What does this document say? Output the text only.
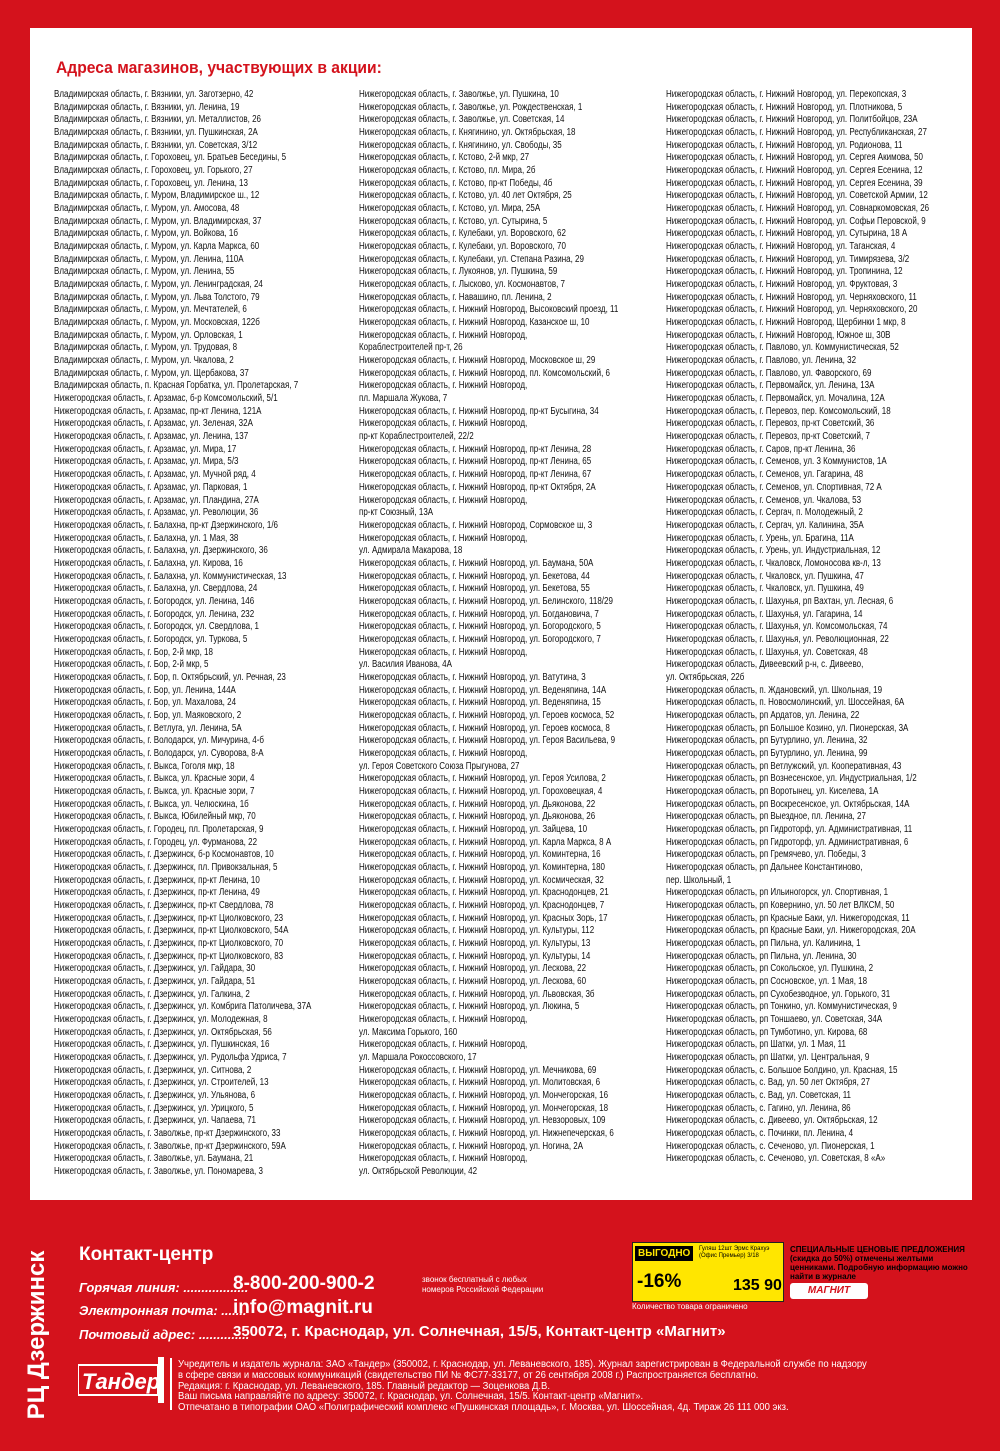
Адреса магазинов, участвующих в акции:
Владимирская область, г. Вязники, ул. Заготзерно, 42
Владимирская область, г. Вязники, ул. Ленина, 19
Владимирская область, г. Вязники, ул. Металлистов, 26
Владимирская область, г. Вязники, ул. Пушкинская, 2А
Владимирская область, г. Вязники, ул. Советская, 3/12
Владимирская область, г. Гороховец, ул. Братьев Беседины, 5
Владимирская область, г. Гороховец, ул. Горького, 27
Владимирская область, г. Гороховец, ул. Ленина, 13
Владимирская область, г. Муром, Владимирское ш., 12
Владимирская область, г. Муром, ул. Амосова, 48
Владимирская область, г. Муром, ул. Владимирская, 37
Владимирская область, г. Муром, ул. Войкова, 1б
Владимирская область, г. Муром, ул. Карла Маркса, 60
Владимирская область, г. Муром, ул. Ленина, 110А
Владимирская область, г. Муром, ул. Ленина, 55
Владимирская область, г. Муром, ул. Ленинградская, 24
Владимирская область, г. Муром, ул. Льва Толстого, 79
Владимирская область, г. Муром, ул. Мечтателей, 6
Владимирская область, г. Муром, ул. Московская, 122б
Владимирская область, г. Муром, ул. Орловская, 1
Владимирская область, г. Муром, ул. Трудовая, 8
Владимирская область, г. Муром, ул. Чкалова, 2
Владимирская область, г. Муром, ул. Щербакова, 37
Владимирская область, п. Красная Горбатка, ул. Пролетарская, 7
Нижегородская область, г. Арзамас, б-р Комсомольский, 5/1
Нижегородская область, г. Арзамас, пр-кт Ленина, 121А
Нижегородская область, г. Арзамас, ул. Зеленая, 32А
Нижегородская область, г. Арзамас, ул. Ленина, 137
Нижегородская область, г. Арзамас, ул. Мира, 17
Нижегородская область, г. Арзамас, ул. Мира, 5/3
Нижегородская область, г. Арзамас, ул. Мучной ряд, 4
Нижегородская область, г. Арзамас, ул. Парковая, 1
Нижегородская область, г. Арзамас, ул. Пландина, 27А
Нижегородская область, г. Арзамас, ул. Революции, 36
Нижегородская область, г. Балахна, пр-кт Дзержинского, 1/6
Нижегородская область, г. Балахна, ул. 1 Мая, 38
Нижегородская область, г. Балахна, ул. Дзержинского, 36
Нижегородская область, г. Балахна, ул. Кирова, 16
Нижегородская область, г. Балахна, ул. Коммунистическая, 13
Нижегородская область, г. Балахна, ул. Свердлова, 24
Нижегородская область, г. Богородск, ул. Ленина, 146
Нижегородская область, г. Богородск, ул. Ленина, 232
Нижегородская область, г. Богородск, ул. Свердлова, 1
Нижегородская область, г. Богородск, ул. Туркова, 5
Нижегородская область, г. Бор, 2-й мкр, 18
Нижегородская область, г. Бор, 2-й мкр, 5
Нижегородская область, г. Бор, п. Октябрьский, ул. Речная, 23
Нижегородская область, г. Бор, ул. Ленина, 144А
Нижегородская область, г. Бор, ул. Махалова, 24
Нижегородская область, г. Бор, ул. Маяковского, 2
Нижегородская область, г. Ветлуга, ул. Ленина, 5А
Нижегородская область, г. Володарск, ул. Мичурина, 4-б
Нижегородская область, г. Володарск, ул. Суворова, 8-А
Нижегородская область, г. Выкса, Гоголя мкр, 18
Нижегородская область, г. Выкса, ул. Красные зори, 4
Нижегородская область, г. Выкса, ул. Красные зори, 7
Нижегородская область, г. Выкса, ул. Челюскина, 1б
Нижегородская область, г. Выкса, Юбилейный мкр, 70
Нижегородская область, г. Городец, пл. Пролетарская, 9
Нижегородская область, г. Городец, ул. Фурманова, 22
Нижегородская область, г. Дзержинск, б-р Космонавтов, 10
Нижегородская область, г. Дзержинск, пл. Привокзальная, 5
Нижегородская область, г. Дзержинск, пр-кт Ленина, 10
Нижегородская область, г. Дзержинск, пр-кт Ленина, 49
Нижегородская область, г. Дзержинск, пр-кт Свердлова, 78
Нижегородская область, г. Дзержинск, пр-кт Циолковского, 23
Нижегородская область, г. Дзержинск, пр-кт Циолковского, 54А
Нижегородская область, г. Дзержинск, пр-кт Циолковского, 70
Нижегородская область, г. Дзержинск, пр-кт Циолковского, 83
Нижегородская область, г. Дзержинск, ул. Гайдара, 30
Нижегородская область, г. Дзержинск, ул. Гайдара, 51
Нижегородская область, г. Дзержинск, ул. Галкина, 2
Нижегородская область, г. Дзержинск, ул. Комбрига Патоличева, 37А
Нижегородская область, г. Дзержинск, ул. Молодежная, 8
Нижегородская область, г. Дзержинск, ул. Октябрьская, 56
Нижегородская область, г. Дзержинск, ул. Пушкинская, 16
Нижегородская область, г. Дзержинск, ул. Рудольфа Удриса, 7
Нижегородская область, г. Дзержинск, ул. Ситнова, 2
Нижегородская область, г. Дзержинск, ул. Строителей, 13
Нижегородская область, г. Дзержинск, ул. Ульянова, 6
Нижегородская область, г. Дзержинск, ул. Урицкого, 5
Нижегородская область, г. Дзержинск, ул. Чапаева, 71
Нижегородская область, г. Заволжье, пр-кт Дзержинского, 33
Нижегородская область, г. Заволжье, пр-кт Дзержинского, 59А
Нижегородская область, г. Заволжье, ул. Баумана, 21
Нижегородская область, г. Заволжье, ул. Пономарева, 3
Нижегородская область, г. Заволжье, ул. Пушкина, 10
Нижегородская область, г. Заволжье, ул. Рождественская, 1
Нижегородская область, г. Заволжье, ул. Советская, 14
Нижегородская область, г. Княгинино, ул. Октябрьская, 18
Нижегородская область, г. Княгинино, ул. Свободы, 35
Нижегородская область, г. Кстово, 2-й мкр, 27
Нижегородская область, г. Кстово, пл. Мира, 2б
Нижегородская область, г. Кстово, пр-кт Победы, 4б
Нижегородская область, г. Кстово, ул. 40 лет Октября, 25
Нижегородская область, г. Кстово, ул. Мира, 25А
Нижегородская область, г. Кстово, ул. Сутырина, 5
Нижегородская область, г. Кулебаки, ул. Воровского, 62
Нижегородская область, г. Кулебаки, ул. Воровского, 70
Нижегородская область, г. Кулебаки, ул. Степана Разина, 29
Нижегородская область, г. Лукоянов, ул. Пушкина, 59
Нижегородская область, г. Лысково, ул. Космонавтов, 7
Нижегородская область, г. Навашино, пл. Ленина, 2
Нижегородская область, г. Нижний Новгород, Высоковский проезд, 11
Нижегородская область, г. Нижний Новгород, Казанское ш, 10
Нижегородская область, г. Нижний Новгород,
Кораблестроителей пр-т, 26
Нижегородская область, г. Нижний Новгород, Московское ш, 29
Нижегородская область, г. Нижний Новгород, пл. Комсомольский, 6
Нижегородская область, г. Нижний Новгород,
пл. Маршала Жукова, 7
Нижегородская область, г. Нижний Новгород, пр-кт Бусыгина, 34
Нижегородская область, г. Нижний Новгород,
пр-кт Кораблестроителей, 22/2
Нижегородская область, г. Нижний Новгород, пр-кт Ленина, 28
Нижегородская область, г. Нижний Новгород, пр-кт Ленина, 65
Нижегородская область, г. Нижний Новгород, пр-кт Ленина, 67
Нижегородская область, г. Нижний Новгород, пр-кт Октября, 2А
Нижегородская область, г. Нижний Новгород,
пр-кт Союзный, 13А
Нижегородская область, г. Нижний Новгород, Сормовское ш, 3
Нижегородская область, г. Нижний Новгород,
ул. Адмирала Макарова, 18
Нижегородская область, г. Нижний Новгород, ул. Баумана, 50А
Нижегородская область, г. Нижний Новгород, ул. Бекетова, 44
Нижегородская область, г. Нижний Новгород, ул. Бекетова, 55
Нижегородская область, г. Нижний Новгород, ул. Белинского, 118/29
Нижегородская область, г. Нижний Новгород, ул. Богдановича, 7
Нижегородская область, г. Нижний Новгород, ул. Богородского, 5
Нижегородская область, г. Нижний Новгород, ул. Богородского, 7
Нижегородская область, г. Нижний Новгород,
ул. Василия Иванова, 4А
Нижегородская область, г. Нижний Новгород, ул. Ватутина, 3
Нижегородская область, г. Нижний Новгород, ул. Веденяпина, 14А
Нижегородская область, г. Нижний Новгород, ул. Веденяпина, 15
Нижегородская область, г. Нижний Новгород, ул. Героев космоса, 52
Нижегородская область, г. Нижний Новгород, ул. Героев космоса, 8
Нижегородская область, г. Нижний Новгород, ул. Героя Васильева, 9
Нижегородская область, г. Нижний Новгород,
ул. Героя Советского Союза Прыгунова, 27
Нижегородская область, г. Нижний Новгород, ул. Героя Усилова, 2
Нижегородская область, г. Нижний Новгород, ул. Гороховецкая, 4
Нижегородская область, г. Нижний Новгород, ул. Дьяконова, 22
Нижегородская область, г. Нижний Новгород, ул. Дьяконова, 26
Нижегородская область, г. Нижний Новгород, ул. Зайцева, 10
Нижегородская область, г. Нижний Новгород, ул. Карла Маркса, 8 А
Нижегородская область, г. Нижний Новгород, ул. Коминтерна, 16
Нижегородская область, г. Нижний Новгород, ул. Коминтерна, 180
Нижегородская область, г. Нижний Новгород, ул. Космическая, 32
Нижегородская область, г. Нижний Новгород, ул. Краснодонцев, 21
Нижегородская область, г. Нижний Новгород, ул. Краснодонцев, 7
Нижегородская область, г. Нижний Новгород, ул. Красных Зорь, 17
Нижегородская область, г. Нижний Новгород, ул. Культуры, 112
Нижегородская область, г. Нижний Новгород, ул. Культуры, 13
Нижегородская область, г. Нижний Новгород, ул. Культуры, 14
Нижегородская область, г. Нижний Новгород, ул. Лескова, 22
Нижегородская область, г. Нижний Новгород, ул. Лескова, 60
Нижегородская область, г. Нижний Новгород, ул. Львовская, 3б
Нижегородская область, г. Нижний Новгород, ул. Люкина, 5
Нижегородская область, г. Нижний Новгород,
ул. Максима Горького, 160
Нижегородская область, г. Нижний Новгород,
ул. Маршала Рокоссовского, 17
Нижегородская область, г. Нижний Новгород, ул. Мечникова, 69
Нижегородская область, г. Нижний Новгород, ул. Молитовская, 6
Нижегородская область, г. Нижний Новгород, ул. Мончегорская, 16
Нижегородская область, г. Нижний Новгород, ул. Мончегорская, 18
Нижегородская область, г. Нижний Новгород, ул. Невзоровых, 109
Нижегородская область, г. Нижний Новгород, ул. Нижнепечерская, 6
Нижегородская область, г. Нижний Новгород, ул. Ногина, 2А
Нижегородская область, г. Нижний Новгород,
ул. Октябрьской Революции, 42
Нижегородская область, г. Нижний Новгород, ул. Перекопская, 3
Нижегородская область, г. Нижний Новгород, ул. Плотникова, 5
Нижегородская область, г. Нижний Новгород, ул. Политбойцов, 23А
Нижегородская область, г. Нижний Новгород, ул. Республиканская, 27
Нижегородская область, г. Нижний Новгород, ул. Родионова, 11
Нижегородская область, г. Нижний Новгород, ул. Сергея Акимова, 50
Нижегородская область, г. Нижний Новгород, ул. Сергея Есенина, 12
Нижегородская область, г. Нижний Новгород, ул. Сергея Есенина, 39
Нижегородская область, г. Нижний Новгород, ул. Советской Армии, 12
Нижегородская область, г. Нижний Новгород, ул. Совнаркомовская, 26
Нижегородская область, г. Нижний Новгород, ул. Софьи Перовской, 9
Нижегородская область, г. Нижний Новгород, ул. Сутырина, 18 А
Нижегородская область, г. Нижний Новгород, ул. Таганская, 4
Нижегородская область, г. Нижний Новгород, ул. Тимирязева, 3/2
Нижегородская область, г. Нижний Новгород, ул. Тропинина, 12
Нижегородская область, г. Нижний Новгород, ул. Фруктовая, 3
Нижегородская область, г. Нижний Новгород, ул. Черняховского, 11
Нижегородская область, г. Нижний Новгород, ул. Черняховского, 20
Нижегородская область, г. Нижний Новгород, Щербинки 1 мкр, 8
Нижегородская область, г. Нижний Новгород, Южное ш, 30В
Нижегородская область, г. Павлово, ул. Коммунистическая, 52
Нижегородская область, г. Павлово, ул. Ленина, 32
Нижегородская область, г. Павлово, ул. Фаворского, 69
Нижегородская область, г. Первомайск, ул. Ленина, 13А
Нижегородская область, г. Первомайск, ул. Мочалина, 12А
Нижегородская область, г. Перевоз, пер. Комсомольский, 18
Нижегородская область, г. Перевоз, пр-кт Советский, 36
Нижегородская область, г. Перевоз, пр-кт Советский, 7
Нижегородская область, г. Саров, пр-кт Ленина, 36
Нижегородская область, г. Семенов, ул. 3 Коммунистов, 1А
Нижегородская область, г. Семенов, ул. Гагарина, 48
Нижегородская область, г. Семенов, ул. Спортивная, 72 А
Нижегородская область, г. Семенов, ул. Чкалова, 53
Нижегородская область, г. Сергач, п. Молодежный, 2
Нижегородская область, г. Сергач, ул. Калинина, 35А
Нижегородская область, г. Урень, ул. Брагина, 11А
Нижегородская область, г. Урень, ул. Индустриальная, 12
Нижегородская область, г. Чкаловск, Ломоносова кв-л, 13
Нижегородская область, г. Чкаловск, ул. Пушкина, 47
Нижегородская область, г. Чкаловск, ул. Пушкина, 49
Нижегородская область, г. Шахунья, рп Вахтан, ул. Лесная, 6
Нижегородская область, г. Шахунья, ул. Гагарина, 14
Нижегородская область, г. Шахунья, ул. Комсомольская, 74
Нижегородская область, г. Шахунья, ул. Революционная, 22
Нижегородская область, г. Шахунья, ул. Советская, 48
Нижегородская область, Дивеевский р-н, с. Дивеево,
ул. Октябрьская, 22б
Нижегородская область, п. Ждановский, ул. Школьная, 19
Нижегородская область, п. Новосмолинский, ул. Шоссейная, 6А
Нижегородская область, рп Ардатов, ул. Ленина, 22
Нижегородская область, рп Большое Козино, ул. Пионерская, 3А
Нижегородская область, рп Бутурлино, ул. Ленина, 32
Нижегородская область, рп Бутурлино, ул. Ленина, 99
Нижегородская область, рп Ветлужский, ул. Кооперативная, 43
Нижегородская область, рп Вознесенское, ул. Индустриальная, 1/2
Нижегородская область, рп Воротынец, ул. Киселева, 1А
Нижегородская область, рп Воскресенское, ул. Октябрьская, 14А
Нижегородская область, рп Выездное, пл. Ленина, 27
Нижегородская область, рп Гидроторф, ул. Административная, 11
Нижегородская область, рп Гидроторф, ул. Административная, 6
Нижегородская область, рп Гремячево, ул. Победы, 3
Нижегородская область, рп Дальнее Константиново,
пер. Школьный, 1
Нижегородская область, рп Ильиногорск, ул. Спортивная, 1
Нижегородская область, рп Ковернино, ул. 50 лет ВЛКСМ, 50
Нижегородская область, рп Красные Баки, ул. Нижегородская, 11
Нижегородская область, рп Красные Баки, ул. Нижегородская, 20А
Нижегородская область, рп Пильна, ул. Калинина, 1
Нижегородская область, рп Пильна, ул. Ленина, 30
Нижегородская область, рп Сокольское, ул. Пушкина, 2
Нижегородская область, рп Сосновское, ул. 1 Мая, 18
Нижегородская область, рп Сухобезводное, ул. Горького, 31
Нижегородская область, рп Тонкино, ул. Коммунистическая, 9
Нижегородская область, рп Тоншаево, ул. Советская, 34А
Нижегородская область, рп Тумботино, ул. Кирова, 68
Нижегородская область, рп Шатки, ул. 1 Мая, 11
Нижегородская область, рп Шатки, ул. Центральная, 9
Нижегородская область, с. Большое Болдино, ул. Красная, 15
Нижегородская область, с. Вад, ул. 50 лет Октября, 27
Нижегородская область, с. Вад, ул. Советская, 11
Нижегородская область, с. Гагино, ул. Ленина, 86
Нижегородская область, с. Дивеево, ул. Октябрьская, 12
Нижегородская область, с. Починки, пл. Ленина, 4
Нижегородская область, с. Сеченово, ул. Пионерская, 1
Нижегородская область, с. Сеченово, ул. Советская, 8 «А»
РЦ Дзержинск Контакт-центр
Горячая линия: ..................
8-800-200-900-2	звонок бесплатный с любых номеров Российской Федерации
Электронная почта: .......
info@magnit.ru
Почтовый адрес: ..............
350072, г. Краснодар, ул. Солнечная, 15/5, Контакт-центр «Магнит»
ВЫГОДНО
-16%
Гуляш 12шт Эрмс Крахуэ (Офис Премьер) 3/18
135 90
Количество товара ограничено
СПЕЦИАЛЬНЫЕ ЦЕНОВЫЕ ПРЕДЛОЖЕНИЯ (скидка до 50%) отмечены желтыми ценниками. Подробную информацию можно найти в журнале
МАГНИТ
Тандер
Учредитель и издатель журнала: ЗАО «Тандер» (350002, г. Краснодар, ул. Леваневского, 185). Журнал зарегистрирован в Федеральной службе по надзору
в сфере связи и массовых коммуникаций (свидетельство ПИ № ФС77-33177, от 26 сентября 2008 г.) Распространяется бесплатно.
Редакция: г. Краснодар, ул. Леваневского, 185. Главный редактор — Зоценкова Д.В.
Ваш письма направляйте по адресу: 350072, г. Краснодар, ул. Солнечная, 15/5. Контакт-центр «Магнит».
Отпечатано в типографии ОАО «Полиграфический комплекс «Пушкинская площадь», г. Москва, ул. Шоссейная, 4д. Тираж 26 111 000 экз.
